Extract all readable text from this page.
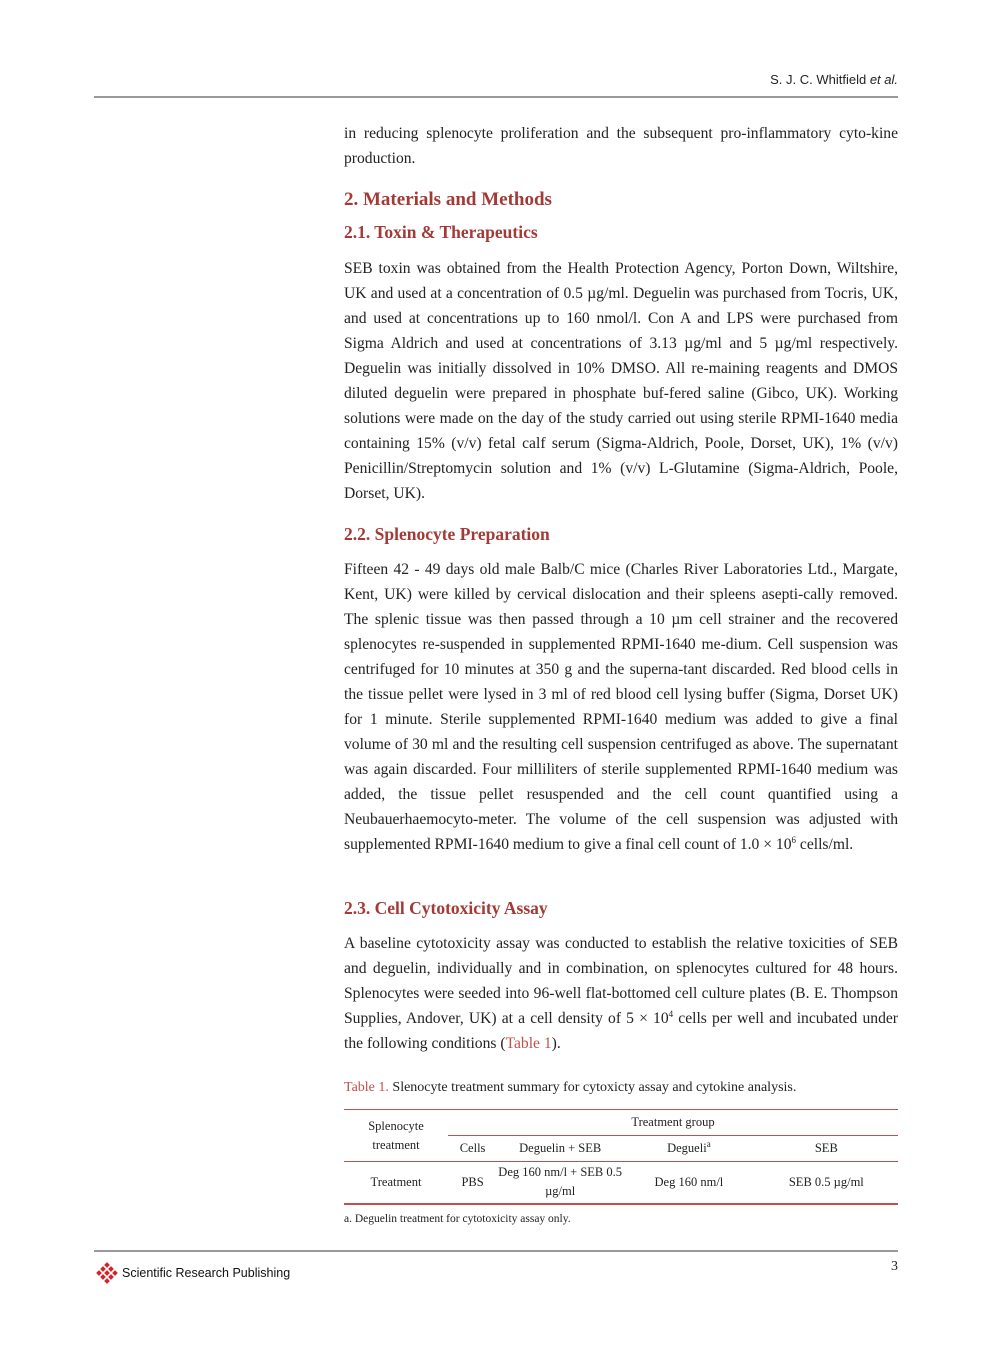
S. J. C. Whitfield et al.

in reducing splenocyte proliferation and the subsequent pro-inflammatory cyto-kine production.

2. Materials and Methods
2.1. Toxin & Therapeutics

SEB toxin was obtained from the Health Protection Agency, Porton Down, Wiltshire, UK and used at a concentration of 0.5 µg/ml. Deguelin was purchased from Tocris, UK, and used at concentrations up to 160 nmol/l. Con A and LPS were purchased from Sigma Aldrich and used at concentrations of 3.13 µg/ml and 5 µg/ml respectively. Deguelin was initially dissolved in 10% DMSO. All re-maining reagents and DMOS diluted deguelin were prepared in phosphate buf-fered saline (Gibco, UK). Working solutions were made on the day of the study carried out using sterile RPMI-1640 media containing 15% (v/v) fetal calf serum (Sigma-Aldrich, Poole, Dorset, UK), 1% (v/v) Penicillin/Streptomycin solution and 1% (v/v) L-Glutamine (Sigma-Aldrich, Poole, Dorset, UK).

2.2. Splenocyte Preparation

Fifteen 42 - 49 days old male Balb/C mice (Charles River Laboratories Ltd., Margate, Kent, UK) were killed by cervical dislocation and their spleens asepti-cally removed. The splenic tissue was then passed through a 10 µm cell strainer and the recovered splenocytes re-suspended in supplemented RPMI-1640 me-dium. Cell suspension was centrifuged for 10 minutes at 350 g and the superna-tant discarded. Red blood cells in the tissue pellet were lysed in 3 ml of red blood cell lysing buffer (Sigma, Dorset UK) for 1 minute. Sterile supplemented RPMI-1640 medium was added to give a final volume of 30 ml and the resulting cell suspension centrifuged as above. The supernatant was again discarded. Four milliliters of sterile supplemented RPMI-1640 medium was added, the tissue pellet resuspended and the cell count quantified using a Neubauerhaemocyto-meter. The volume of the cell suspension was adjusted with supplemented RPMI-1640 medium to give a final cell count of $1.0 \times 10^6$ cells/ml.

2.3. Cell Cytotoxicity Assay

A baseline cytotoxicity assay was conducted to establish the relative toxicities of SEB and deguelin, individually and in combination, on splenocytes cultured for 48 hours. Splenocytes were seeded into 96-well flat-bottomed cell culture plates (B. E. Thompson Supplies, Andover, UK) at a cell density of $5 \times 10^4$ cells per well and incubated under the following conditions (Table 1).

Table 1. Slenocyte treatment summary for cytoxicty assay and cytokine analysis.
Splenocyte treatment	Treatment group			
	Cells	Deguelin + SEB	Degueli$^a$	SEB
Treatment	PBS	Deg 160 nm/l + SEB 0.5 µg/ml	Deg 160 nm/l	SEB 0.5 µg/ml
a. Deguelin treatment for cytotoxicity assay only.
Scientific Research Publishing	3
